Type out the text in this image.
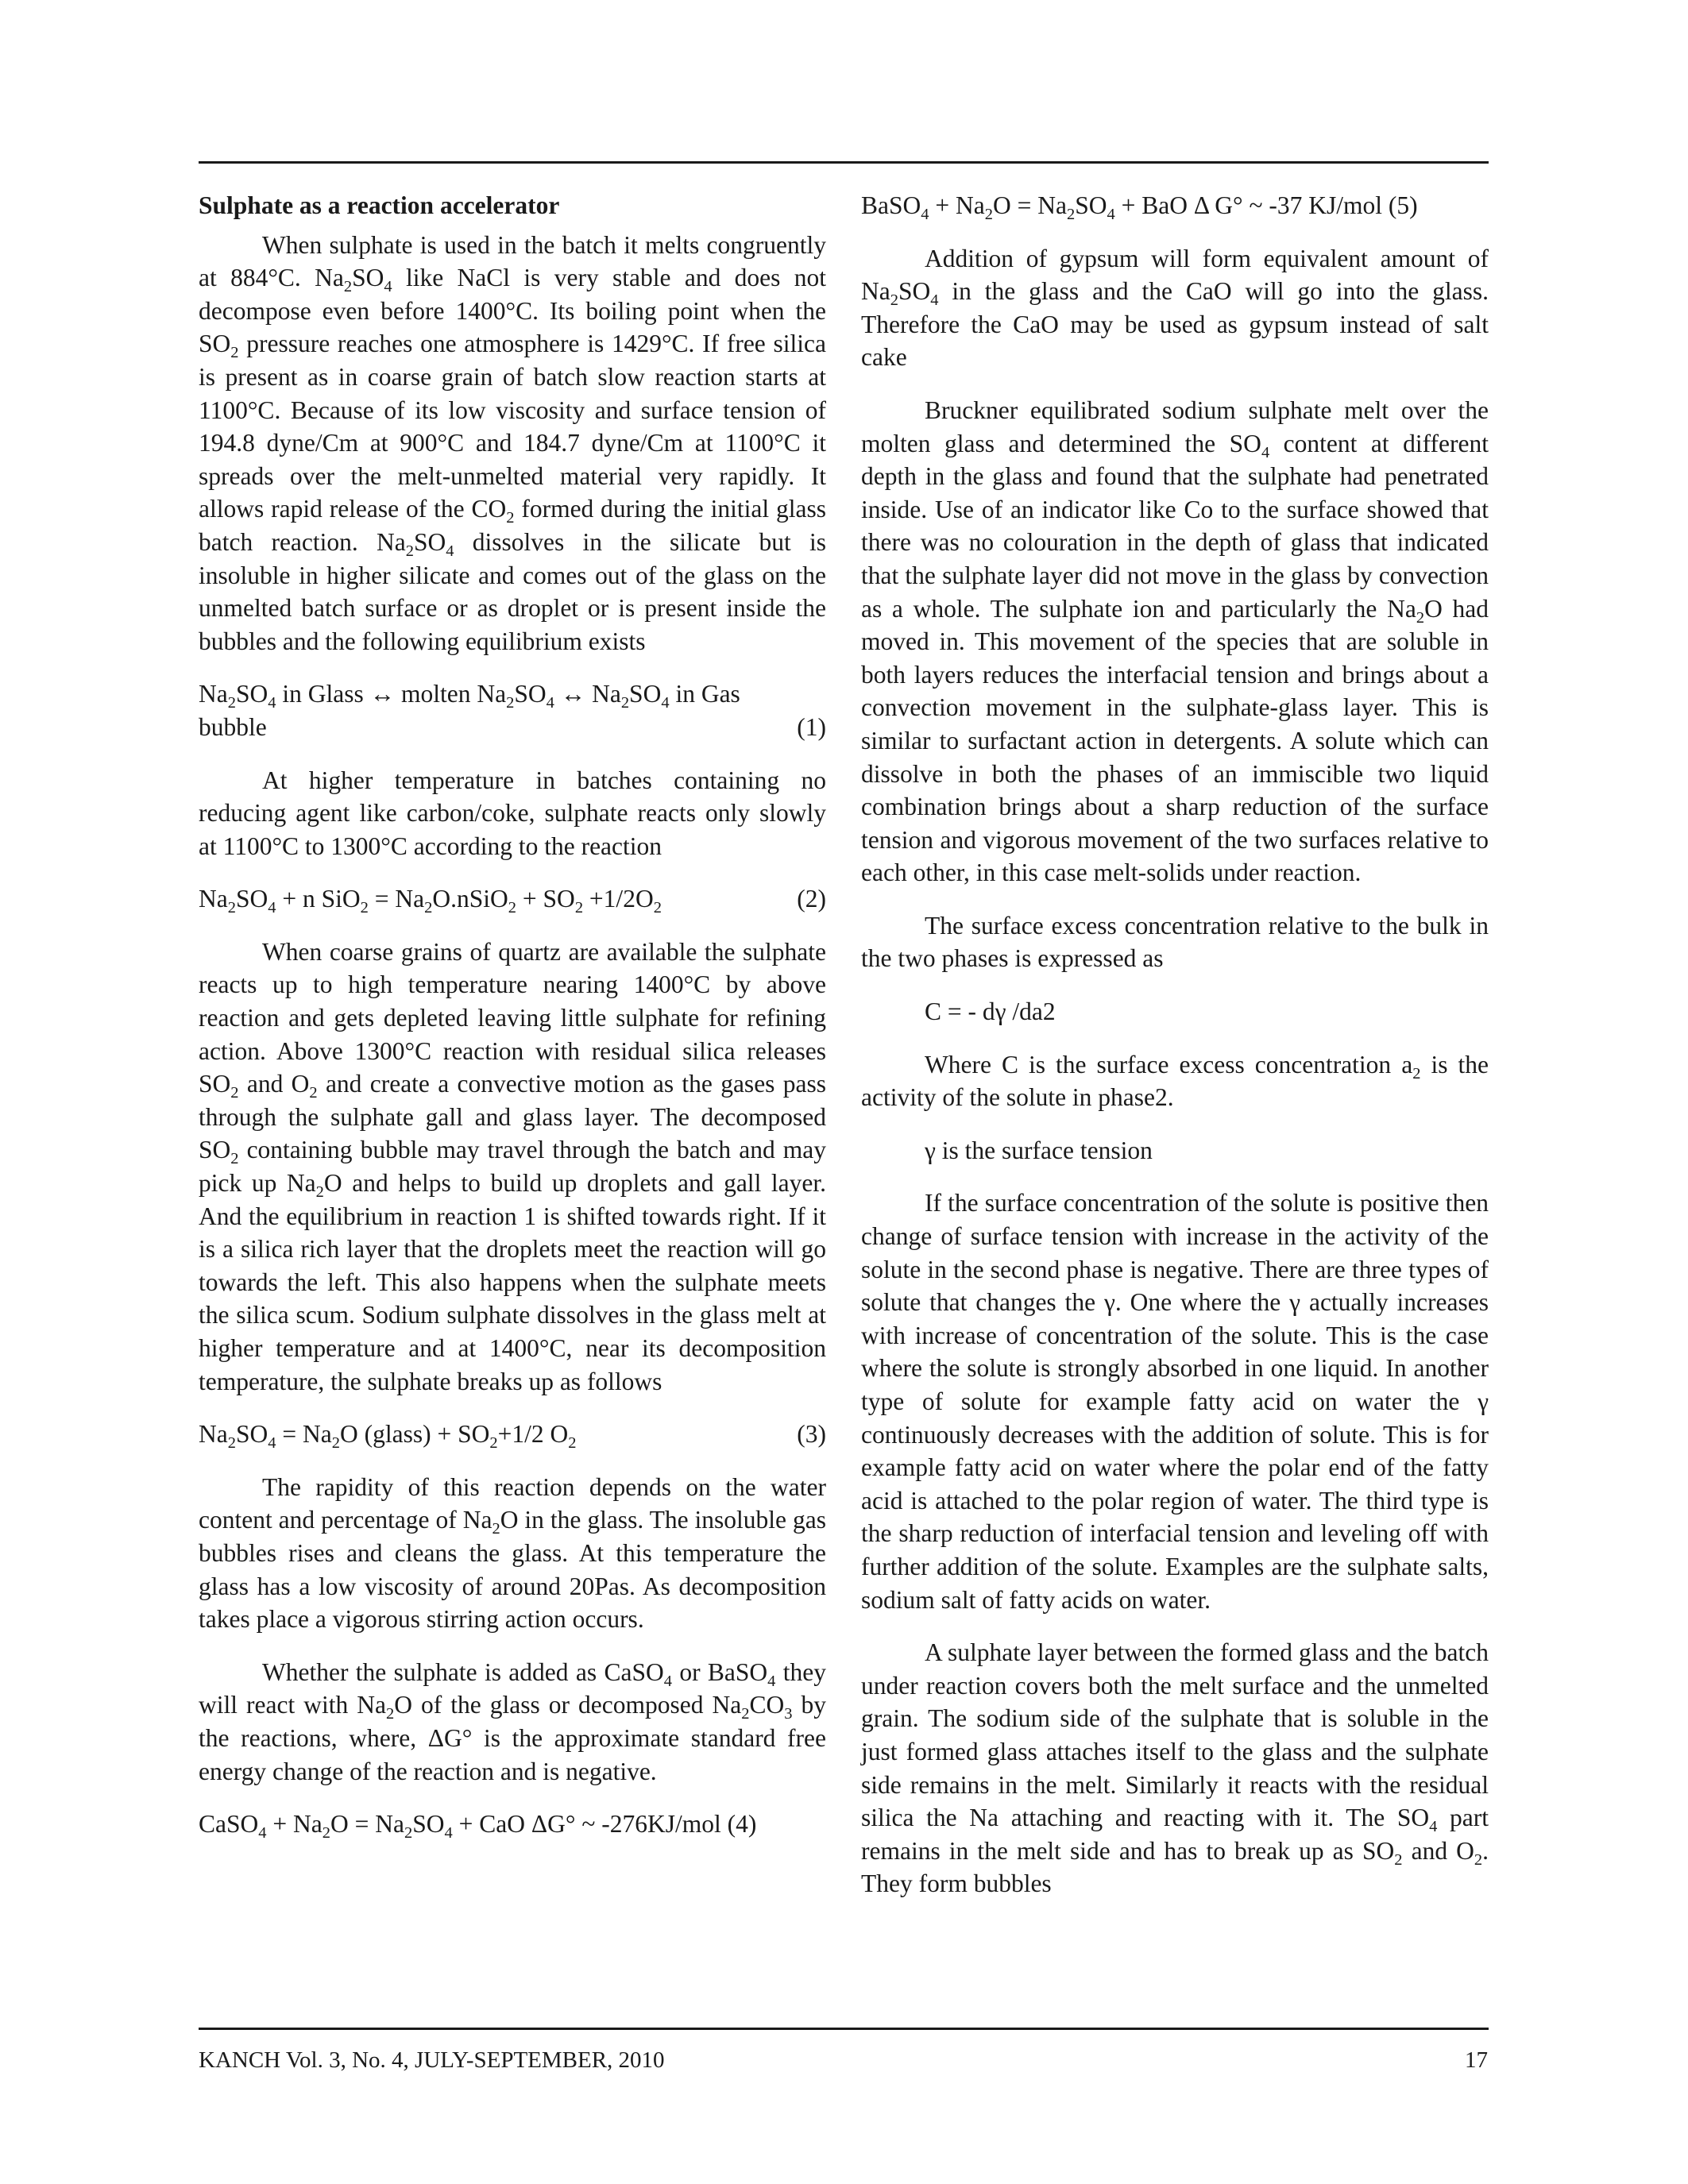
Sulphate as a reaction accelerator

When sulphate is used in the batch it melts congruently at 884°C. $Na_2SO_4$ like NaCl is very stable and does not decompose even before 1400°C. Its boiling point when the $SO_2$ pressure reaches one atmosphere is 1429°C. If free silica is present as in coarse grain of batch slow reaction starts at 1100°C. Because of its low viscosity and surface tension of 194.8 dyne/Cm at 900°C and 184.7 dyne/Cm at 1100°C it spreads over the melt-unmelted material very rapidly. It allows rapid release of the $CO_2$ formed during the initial glass batch reaction. $Na_2SO_4$ dissolves in the silicate but is insoluble in higher silicate and comes out of the glass on the unmelted batch surface or as droplet or is present inside the bubbles and the following equilibrium exists

$Na_2SO_4$ in Glass ↔ molten $Na_2SO_4$ ↔ $Na_2SO_4$ in Gas bubble	(1)

At higher temperature in batches containing no reducing agent like carbon/coke, sulphate reacts only slowly at 1100°C to 1300°C according to the reaction

$Na_2SO_4 + n$ $SiO_2 = Na_2O.nSiO_2 + SO_2 +1/2O_2$	(2)

When coarse grains of quartz are available the sulphate reacts up to high temperature nearing 1400°C by above reaction and gets depleted leaving little sulphate for refining action. Above 1300°C reaction with residual silica releases $SO_2$ and $O_2$ and create a convective motion as the gases pass through the sulphate gall and glass layer. The decomposed $SO_2$ containing bubble may travel through the batch and may pick up $Na_2O$ and helps to build up droplets and gall layer. And the equilibrium in reaction 1 is shifted towards right. If it is a silica rich layer that the droplets meet the reaction will go towards the left. This also happens when the sulphate meets the silica scum. Sodium sulphate dissolves in the glass melt at higher temperature and at 1400°C, near its decomposition temperature, the sulphate breaks up as follows

$Na_2SO_4 = Na_2O$ (glass) + $SO_2+1/2$ $O_2$	(3)

The rapidity of this reaction depends on the water content and percentage of $Na_2O$ in the glass. The insoluble gas bubbles rises and cleans the glass. At this temperature the glass has a low viscosity of around 20Pas. As decomposition takes place a vigorous stirring action occurs.

Whether the sulphate is added as CaSO$_4$ or BaSO$_4$ they will react with $Na_2O$ of the glass or decomposed $Na_2CO_3$ by the reactions, where, ΔG° is the approximate standard free energy change of the reaction and is negative.

CaSO$_4$ + $Na_2O = Na_2SO_4$ + CaO ΔG° ~ -276KJ/mol (4)

BaSO$_4$ + $Na_2O = Na_2SO_4$ + BaO Δ G° ~ -37 KJ/mol (5)

Addition of gypsum will form equivalent amount of $Na_2SO_4$ in the glass and the CaO will go into the glass. Therefore the CaO may be used as gypsum instead of salt cake

Bruckner equilibrated sodium sulphate melt over the molten glass and determined the $SO_4$ content at different depth in the glass and found that the sulphate had penetrated inside. Use of an indicator like Co to the surface showed that there was no colouration in the depth of glass that indicated that the sulphate layer did not move in the glass by convection as a whole. The sulphate ion and particularly the $Na_2O$ had moved in. This movement of the species that are soluble in both layers reduces the interfacial tension and brings about a convection movement in the sulphate-glass layer. This is similar to surfactant action in detergents. A solute which can dissolve in both the phases of an immiscible two liquid combination brings about a sharp reduction of the surface tension and vigorous movement of the two surfaces relative to each other, in this case melt-solids under reaction.

The surface excess concentration relative to the bulk in the two phases is expressed as

C = - dγ /da2

Where C is the surface excess concentration $a_2$ is the activity of the solute in phase2.

γ is the surface tension

If the surface concentration of the solute is positive then change of surface tension with increase in the activity of the solute in the second phase is negative. There are three types of solute that changes the γ. One where the γ actually increases with increase of concentration of the solute. This is the case where the solute is strongly absorbed in one liquid. In another type of solute for example fatty acid on water the γ continuously decreases with the addition of solute. This is for example fatty acid on water where the polar end of the fatty acid is attached to the polar region of water. The third type is the sharp reduction of interfacial tension and leveling off with further addition of the solute. Examples are the sulphate salts, sodium salt of fatty acids on water.

A sulphate layer between the formed glass and the batch under reaction covers both the melt surface and the unmelted grain. The sodium side of the sulphate that is soluble in the just formed glass attaches itself to the glass and the sulphate side remains in the melt. Similarly it reacts with the residual silica the Na attaching and reacting with it. The $SO_4$ part remains in the melt side and has to break up as $SO_2$ and $O_2$. They form bubbles

KANCH Vol. 3, No. 4, JULY-SEPTEMBER, 2010	17
